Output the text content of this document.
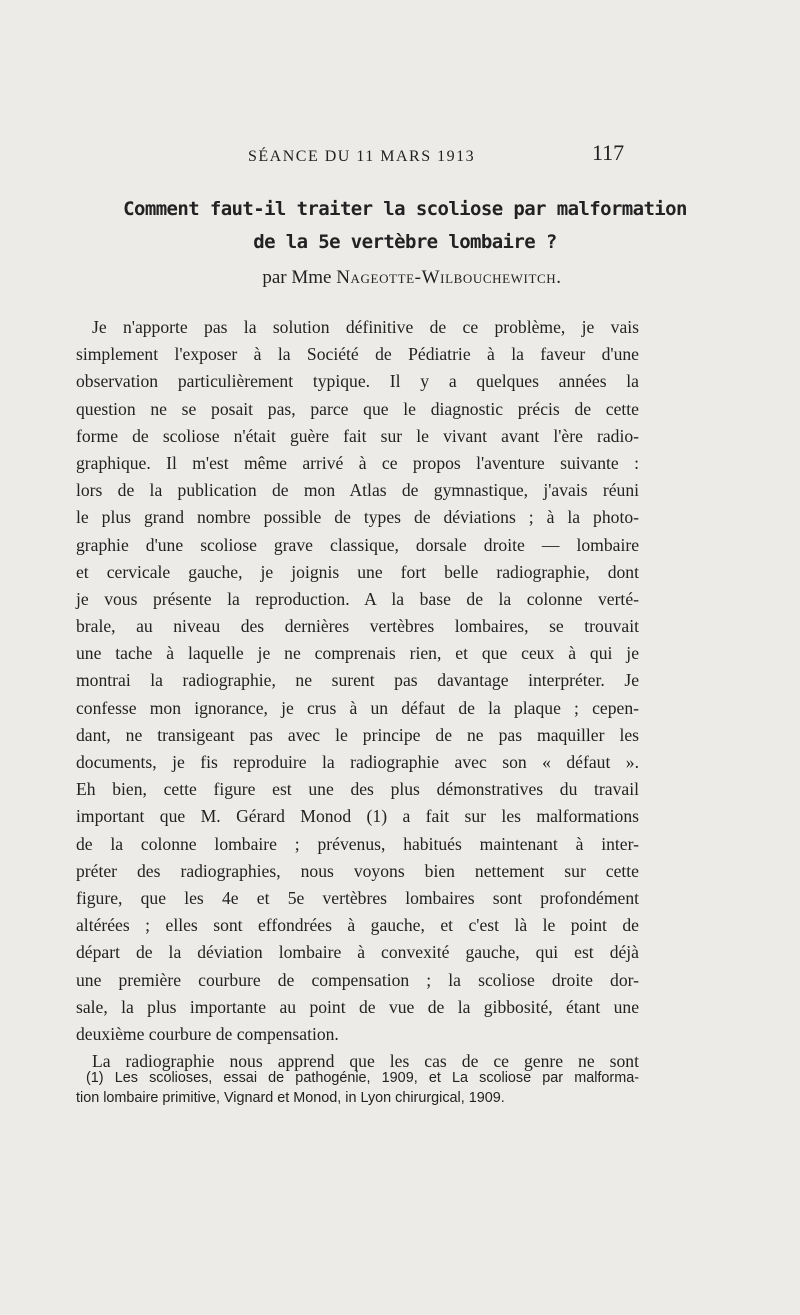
SÉANCE DU 11 MARS 1913	117
Comment faut-il traiter la scoliose par malformation
de la 5e vertèbre lombaire ?
par Mme Nageotte-Wilbouchewitch.
Je n'apporte pas la solution définitive de ce problème, je vais
simplement l'exposer à la Société de Pédiatrie à la faveur d'une
observation particulièrement typique. Il y a quelques années la
question ne se posait pas, parce que le diagnostic précis de cette
forme de scoliose n'était guère fait sur le vivant avant l'ère radio-
graphique. Il m'est même arrivé à ce propos l'aventure suivante :
lors de la publication de mon Atlas de gymnastique, j'avais réuni
le plus grand nombre possible de types de déviations ; à la photo-
graphie d'une scoliose grave classique, dorsale droite — lombaire
et cervicale gauche, je joignis une fort belle radiographie, dont
je vous présente la reproduction. A la base de la colonne verté-
brale, au niveau des dernières vertèbres lombaires, se trouvait
une tache à laquelle je ne comprenais rien, et que ceux à qui je
montrai la radiographie, ne surent pas davantage interpréter. Je
confesse mon ignorance, je crus à un défaut de la plaque ; cepen-
dant, ne transigeant pas avec le principe de ne pas maquiller les
documents, je fis reproduire la radiographie avec son « défaut ».
Eh bien, cette figure est une des plus démonstratives du travail
important que M. Gérard Monod (1) a fait sur les malformations
de la colonne lombaire ; prévenus, habitués maintenant à inter-
préter des radiographies, nous voyons bien nettement sur cette
figure, que les 4e et 5e vertèbres lombaires sont profondément
altérées ; elles sont effondrées à gauche, et c'est là le point de
départ de la déviation lombaire à convexité gauche, qui est déjà
une première courbure de compensation ; la scoliose droite dor-
sale, la plus importante au point de vue de la gibbosité, étant une
deuxième courbure de compensation.
La radiographie nous apprend que les cas de ce genre ne sont
(1) Les scolioses, essai de pathogénie, 1909, et La scoliose par malforma-
tion lombaire primitive, Vignard et Monod, in Lyon chirurgical, 1909.
